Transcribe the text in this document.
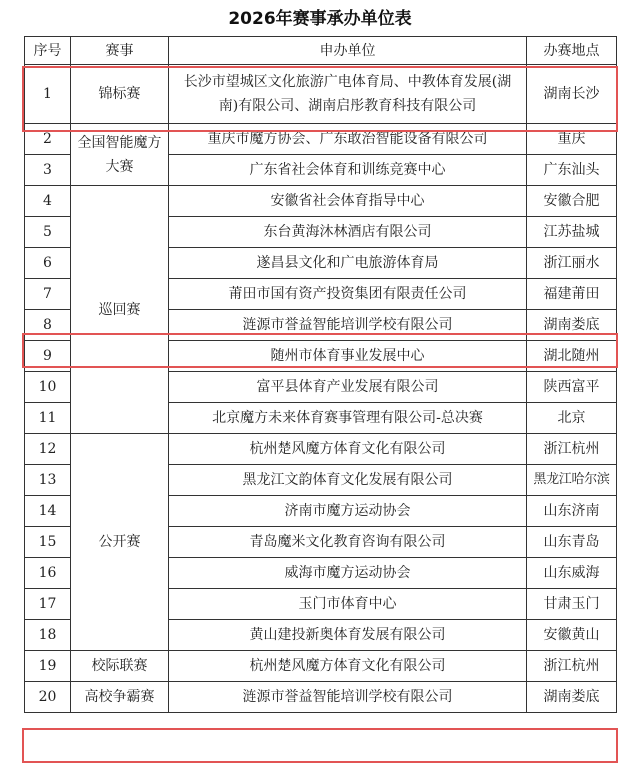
2026年赛事承办单位表
序号	赛事	申办单位	办赛地点
1	锦标赛	长沙市望城区文化旅游广电体育局、中教体育发展(湖南)有限公司、湖南启彤教育科技有限公司	湖南长沙
2	全国智能魔方大赛	重庆市魔方协会、广东敢治智能设备有限公司	重庆
3		广东省社会体育和训练竞赛中心	广东汕头
4	巡回赛	安徽省社会体育指导中心	安徽合肥
5		东台黄海沐林酒店有限公司	江苏盐城
6		遂昌县文化和广电旅游体育局	浙江丽水
7		莆田市国有资产投资集团有限责任公司	福建莆田
8		涟源市誉益智能培训学校有限公司	湖南娄底
9		随州市体育事业发展中心	湖北随州
10		富平县体育产业发展有限公司	陕西富平
11		北京魔方未来体育赛事管理有限公司-总决赛	北京
12	公开赛	杭州楚风魔方体育文化有限公司	浙江杭州
13		黑龙江文韵体育文化发展有限公司	黑龙江哈尔滨
14		济南市魔方运动协会	山东济南
15		青岛魔米文化教育咨询有限公司	山东青岛
16		威海市魔方运动协会	山东威海
17		玉门市体育中心	甘肃玉门
18		黄山建投新奥体育发展有限公司	安徽黄山
19	校际联赛	杭州楚风魔方体育文化有限公司	浙江杭州
20	高校争霸赛	涟源市誉益智能培训学校有限公司	湖南娄底
